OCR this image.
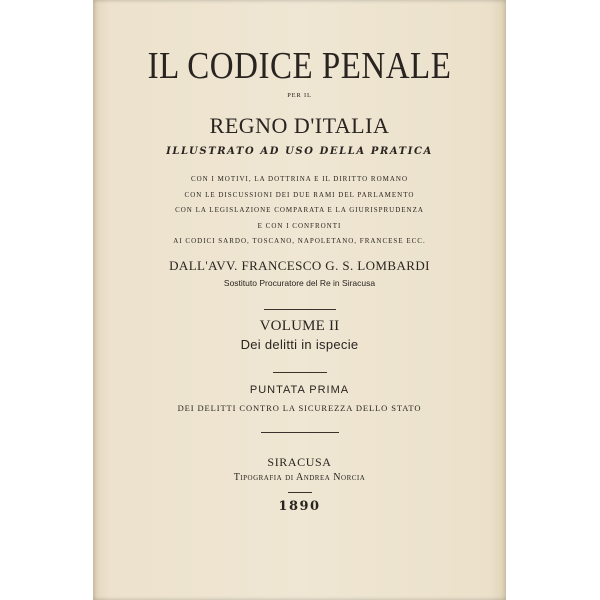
IL CODICE PENALE
PER IL
REGNO D'ITALIA
ILLUSTRATO AD USO DELLA PRATICA
CON I MOTIVI, LA DOTTRINA E IL DIRITTO ROMANO
CON LE DISCUSSIONI DEI DUE RAMI DEL PARLAMENTO
CON LA LEGISLAZIONE COMPARATA E LA GIURISPRUDENZA
E CON I CONFRONTI
AI CODICI SARDO, TOSCANO, NAPOLETANO, FRANCESE ECC.
DALL'AVV. FRANCESCO G. S. LOMBARDI
Sostituto Procuratore del Re in Siracusa
VOLUME II
Dei delitti in ispecie
PUNTATA PRIMA
DEI DELITTI CONTRO LA SICUREZZA DELLO STATO
SIRACUSA
Tipografia di Andrea Norcia
1890
